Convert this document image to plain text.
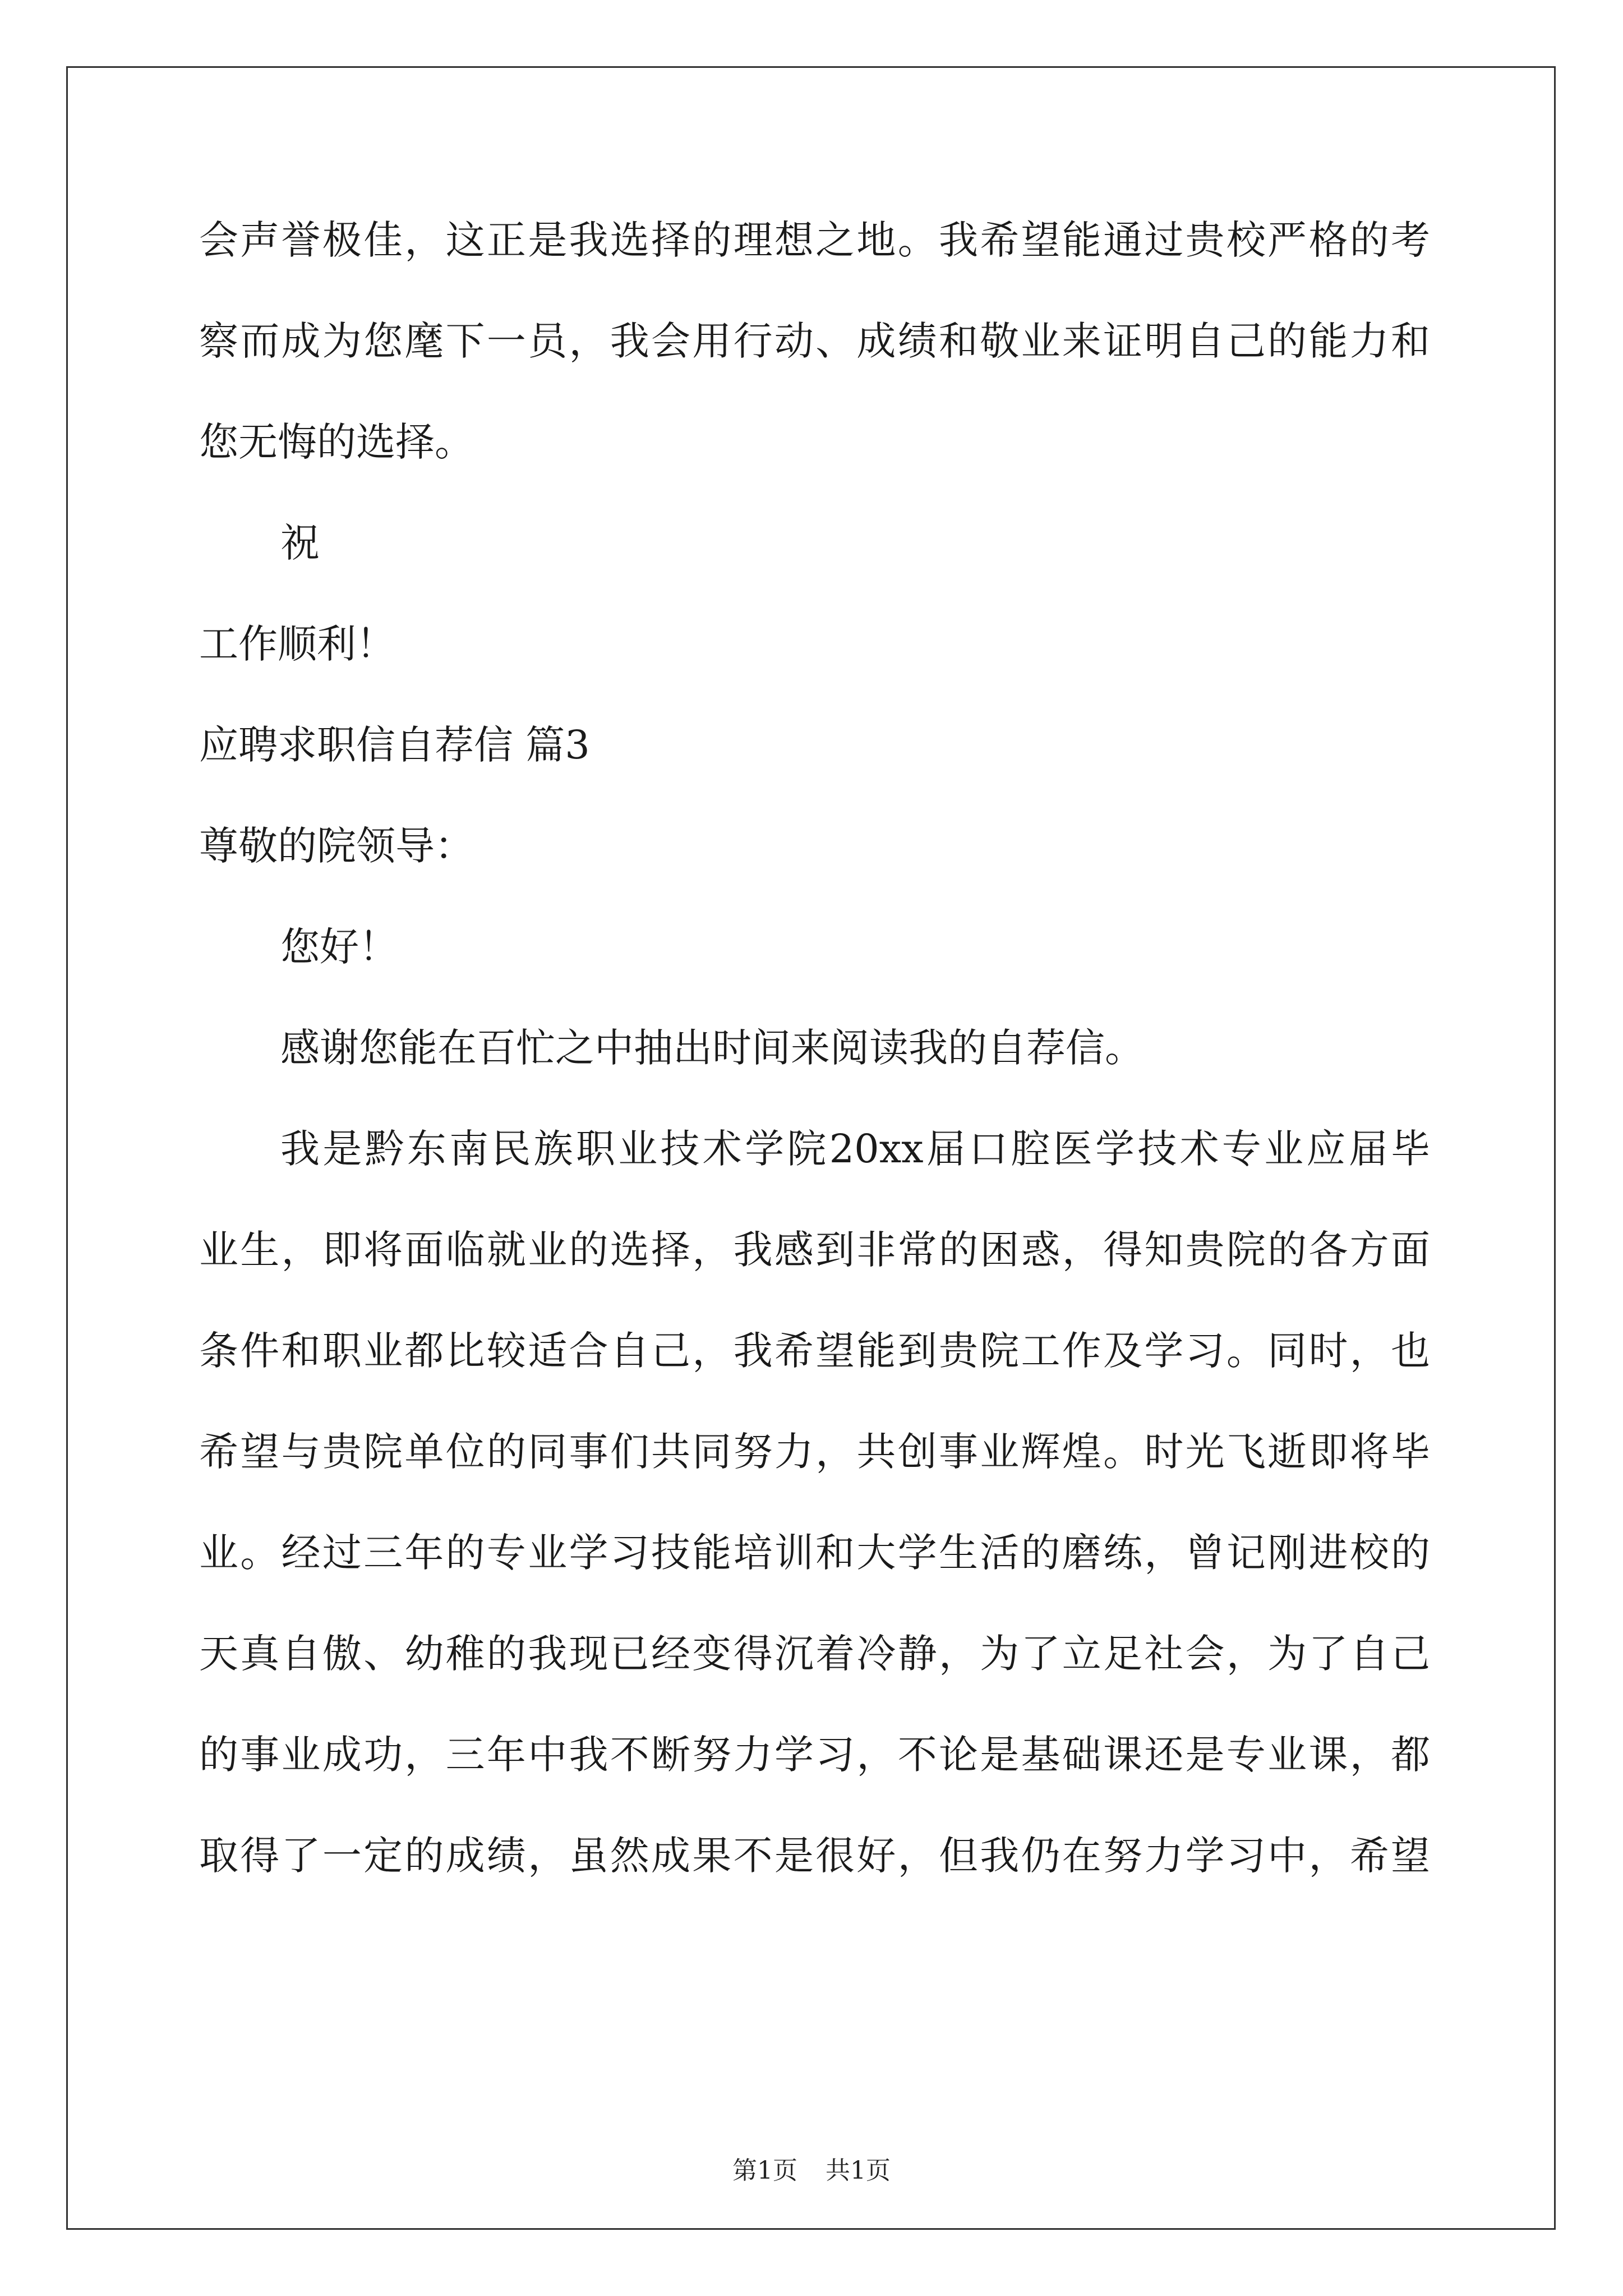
会声誉极佳，这正是我选择的理想之地。我希望能通过贵校严格的考
察而成为您麾下一员，我会用行动、成绩和敬业来证明自己的能力和
您无悔的选择。
祝
工作顺利！
应聘求职信自荐信 篇3
尊敬的院领导：
您好！
感谢您能在百忙之中抽出时间来阅读我的自荐信。
我是黔东南民族职业技术学院20xx届口腔医学技术专业应届毕
业生，即将面临就业的选择，我感到非常的困惑，得知贵院的各方面
条件和职业都比较适合自己，我希望能到贵院工作及学习。同时，也
希望与贵院单位的同事们共同努力，共创事业辉煌。时光飞逝即将毕
业。经过三年的专业学习技能培训和大学生活的磨练，曾记刚进校的
天真自傲、幼稚的我现已经变得沉着冷静，为了立足社会，为了自己
的事业成功，三年中我不断努力学习，不论是基础课还是专业课，都
取得了一定的成绩，虽然成果不是很好，但我仍在努力学习中，希望
第1页 共1页
